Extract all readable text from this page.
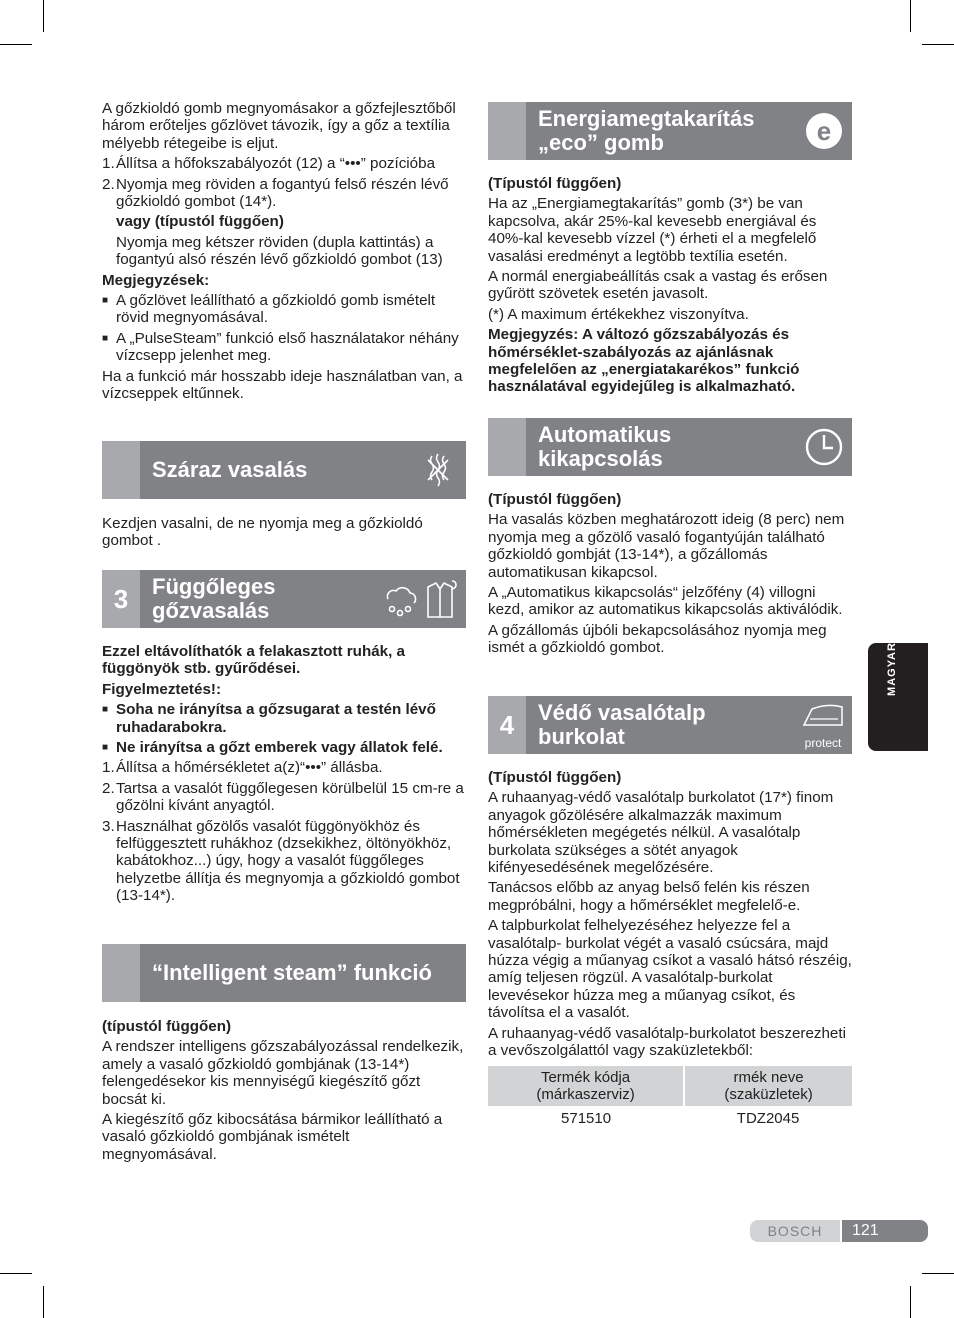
A gőzkioldó gomb megnyomásakor a gőzfejlesztőből három erőteljes gőzlövet távozik, így a gőz a textília mélyebb rétegeibe is eljut.

1. Állítsa a hőfokszabályozót (12) a “•••” pozícióba
2. Nyomja meg röviden a fogantyú felső részén lévő gőzkioldó gombot (14*).

vagy (típustól függően)

Nyomja meg kétszer röviden (dupla kattintás) a fogantyú alsó részén lévő gőzkioldó gombot (13)

Megjegyzések:

■ A gőzlövet leállítható a gőzkioldó gomb ismételt rövid megnyomásával.
■ A „PulseSteam” funkció első használatakor néhány vízcsepp jelenhet meg.

Ha a funkció már hosszabb ideje használatban van, a vízcseppek eltűnnek.

Száraz vasalás

Kezdjen vasalni, de ne nyomja meg a gőzkioldó gombot .

3	Függőleges gőzvasalás

Ezzel eltávolíthatók a felakasztott ruhák, a függönyök stb. gyűrődései.

Figyelmeztetés!:

■ Soha ne irányítsa a gőzsugarat a testén lévő ruhadarabokra.
■ Ne irányítsa a gőzt emberek vagy állatok felé.
1. Állítsa a hőmérsékletet a(z)“•••” állásba.
2. Tartsa a vasalót függőlegesen körülbelül 15 cm-re a gőzölni kívánt anyagtól.
3. Használhat gőzölős vasalót függönyökhöz és felfüggesztett ruhákhoz (dzsekikhez, öltönyökhöz, kabátokhoz...) úgy, hogy a vasalót függőleges helyzetbe állítja és megnyomja a gőzkioldó gombot (13-14*).
“Intelligent steam” funkció

(típustól függően)

A rendszer intelligens gőzszabályozással rendelkezik, amely a vasaló gőzkioldó gombjának (13-14*) felengedésekor kis mennyiségű kiegészítő gőzt bocsát ki.

A kiegészítő gőz kibocsátása bármikor leállítható a vasaló gőzkioldó gombjának ismételt megnyomásával.

Energiamegtakarítás „eco” gomb	e

(Típustól függően)

Ha az „Energiamegtakarítás” gomb (3*) be van kapcsolva, akár 25%-kal kevesebb energiával és 40%-kal kevesebb vízzel (*) érheti el a megfelelő vasalási eredményt a legtöbb textília esetén.

A normál energiabeállítás csak a vastag és erősen gyűrött szövetek esetén javasolt.

(*) A maximum értékekhez viszonyítva.

Megjegyzés: A változó gőzszabályozás és hőmérséklet-szabályozás az ajánlásnak megfelelően az „energiatakarékos” funkció használatával egyidejűleg is alkalmazható.

Automatikus kikapcsolás

(Típustól függően)

Ha vasalás közben meghatározott ideig (8 perc) nem nyomja meg a gőzölő vasaló fogantyúján található gőzkioldó gombját (13-14*), a gőzállomás automatikusan kikapcsol.

A „Automatikus kikapcsolás“ jelzőfény (4) villogni kezd, amikor az automatikus kikapcsolás aktiválódik.

A gőzállomás újbóli bekapcsolásához nyomja meg ismét a gőzkioldó gombot.

4	Védő vasalótalp burkolat	protect

(Típustól függően)

A ruhaanyag-védő vasalótalp burkolatot (17*) finom anyagok gőzölésére alkalmazzák maximum hőmérsékleten megégetés nélkül. A vasalótalp burkolata szükséges a sötét anyagok kifényesedésének megelőzésére.

Tanácsos előbb az anyag belső felén kis részen megpróbálni, hogy a hőmérséklet megfelelő-e.

A talpburkolat felhelyezéséhez helyezze fel a vasalótalp- burkolat végét a vasaló csúcsára, majd húzza végig a műanyag csíkot a vasaló hátsó részéig, amíg teljesen rögzül. A vasalótalp-burkolat levevésekor húzza meg a műanyag csíkot, és távolítsa el a vasalót.

A ruhaanyag-védő vasalótalp-burkolatot beszerezheti a vevőszolgálattól vagy szaküzletekből:

Termék kódja (márkaszerviz)	rmék neve (szaküzletek)
571510	TDZ2045
MAGYAR
BOSCH	121
